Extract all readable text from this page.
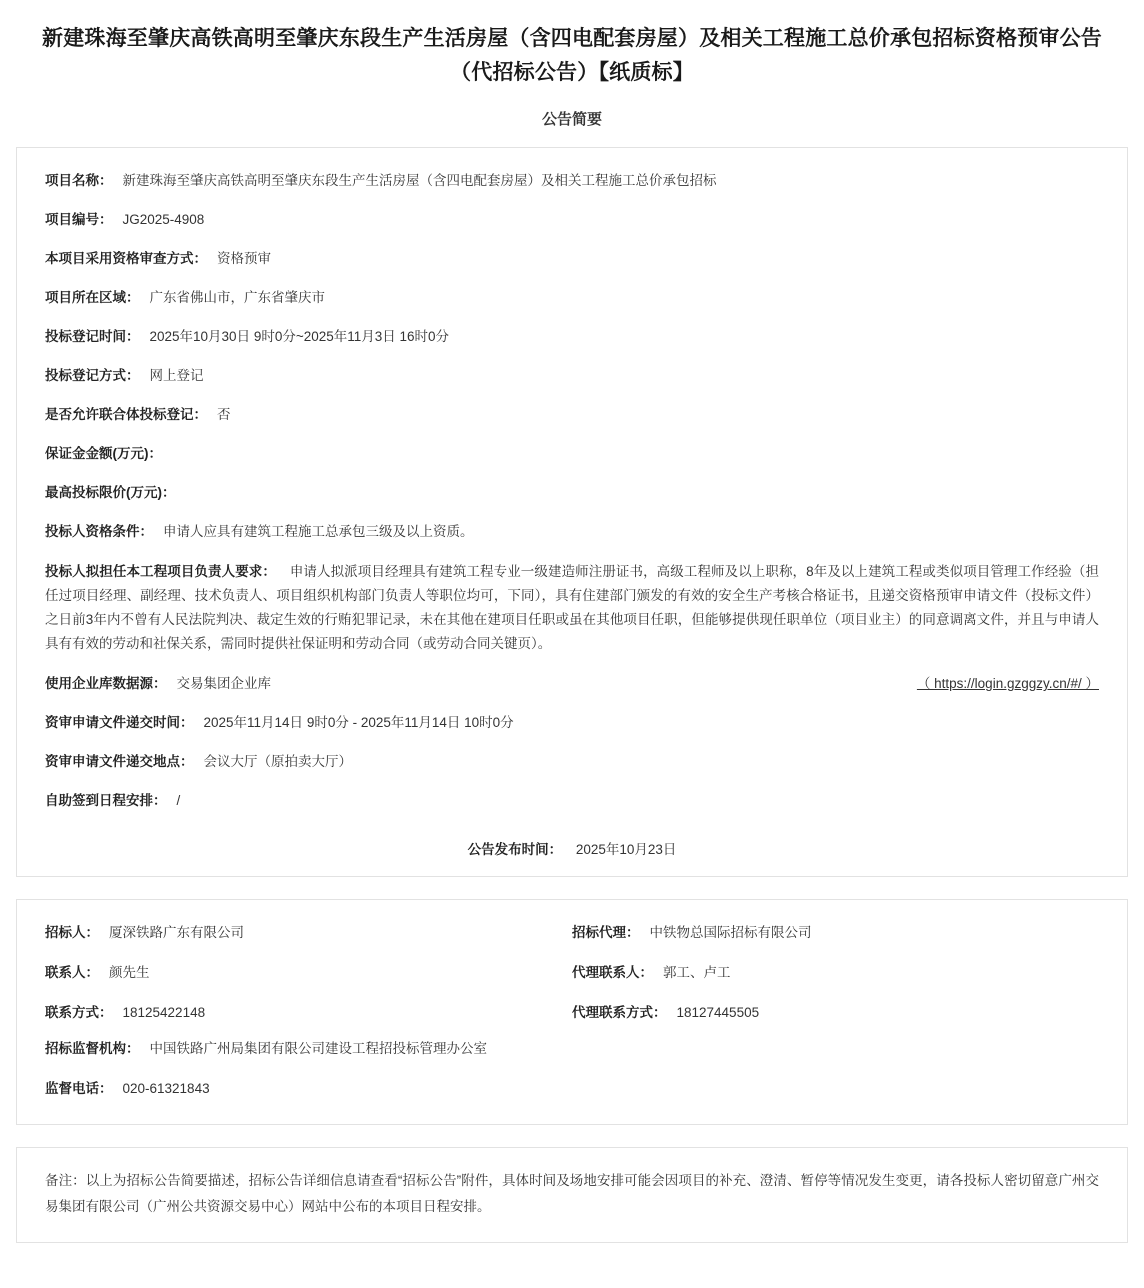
新建珠海至肇庆高铁高明至肇庆东段生产生活房屋（含四电配套房屋）及相关工程施工总价承包招标资格预审公告（代招标公告）【纸质标】
公告简要
项目名称： 新建珠海至肇庆高铁高明至肇庆东段生产生活房屋（含四电配套房屋）及相关工程施工总价承包招标
项目编号： JG2025-4908
本项目采用资格审查方式： 资格预审
项目所在区域： 广东省佛山市，广东省肇庆市
投标登记时间： 2025年10月30日 9时0分~2025年11月3日 16时0分
投标登记方式： 网上登记
是否允许联合体投标登记： 否
保证金金额(万元)：
最高投标限价(万元)：
投标人资格条件： 申请人应具有建筑工程施工总承包三级及以上资质。
投标人拟担任本工程项目负责人要求： 申请人拟派项目经理具有建筑工程专业一级建造师注册证书，高级工程师及以上职称，8年及以上建筑工程或类似项目管理工作经验（担任过项目经理、副经理、技术负责人、项目组织机构部门负责人等职位均可，下同），具有住建部门颁发的有效的安全生产考核合格证书，且递交资格预审申请文件（投标文件）之日前3年内不曾有人民法院判决、裁定生效的行贿犯罪记录，未在其他在建项目任职或虽在其他项目任职，但能够提供现任职单位（项目业主）的同意调离文件，并且与申请人具有有效的劳动和社保关系，需同时提供社保证明和劳动合同（或劳动合同关键页）。
使用企业库数据源： 交易集团企业库	（ https://login.gzggzy.cn/#/ ）
资审申请文件递交时间： 2025年11月14日 9时0分 - 2025年11月14日 10时0分
资审申请文件递交地点： 会议大厅（原拍卖大厅）
自助签到日程安排： /
公告发布时间： 2025年10月23日
招标人： 厦深铁路广东有限公司
联系人： 颜先生
联系方式： 18125422148
招标代理： 中铁物总国际招标有限公司
代理联系人： 郭工、卢工
代理联系方式： 18127445505
招标监督机构： 中国铁路广州局集团有限公司建设工程招投标管理办公室
监督电话： 020-61321843
备注：以上为招标公告简要描述，招标公告详细信息请查看“招标公告”附件，具体时间及场地安排可能会因项目的补充、澄清、暂停等情况发生变更，请各投标人密切留意广州交易集团有限公司（广州公共资源交易中心）网站中公布的本项目日程安排。
